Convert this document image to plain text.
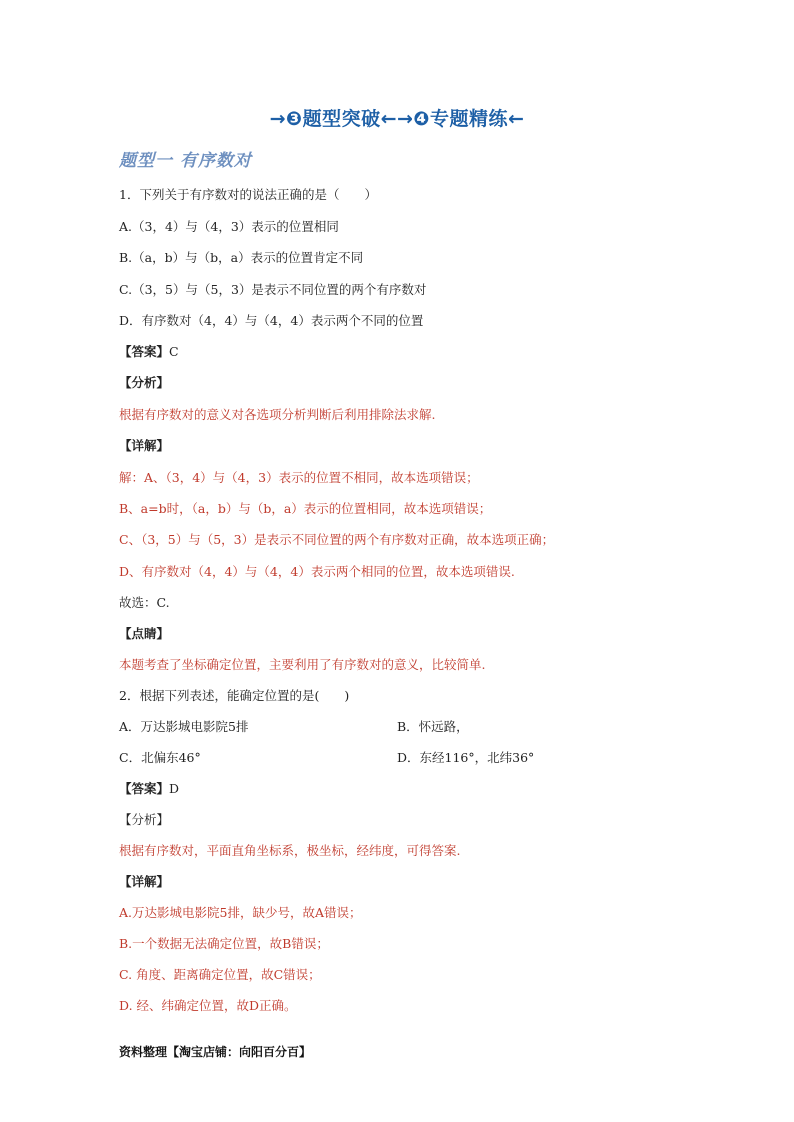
→❸题型突破←→❹专题精练←
题型一 有序数对
1．下列关于有序数对的说法正确的是（　　）
A.（3，4）与（4，3）表示的位置相同
B.（a，b）与（b，a）表示的位置肯定不同
C.（3，5）与（5，3）是表示不同位置的两个有序数对
D．有序数对（4，4）与（4，4）表示两个不同的位置
【答案】C
【分析】
根据有序数对的意义对各选项分析判断后利用排除法求解.
【详解】
解：A、（3，4）与（4，3）表示的位置不相同，故本选项错误；
B、a=b时，（a，b）与（b，a）表示的位置相同，故本选项错误；
C、（3，5）与（5，3）是表示不同位置的两个有序数对正确，故本选项正确；
D、有序数对（4，4）与（4，4）表示两个相同的位置，故本选项错误.
故选：C.
【点睛】
本题考查了坐标确定位置，主要利用了有序数对的意义，比较简单.
2．根据下列表述，能确定位置的是(　　)
A．万达影城电影院5排	B．怀远路，
C．北偏东46°	D．东经116°，北纬36°
【答案】D
【分析】
根据有序数对，平面直角坐标系，极坐标，经纬度，可得答案.
【详解】
A.万达影城电影院5排，缺少号，故A错误；
B.一个数据无法确定位置，故B错误；
C. 角度、距离确定位置，故C错误；
D. 经、纬确定位置，故D正确。
资料整理【淘宝店铺：向阳百分百】
